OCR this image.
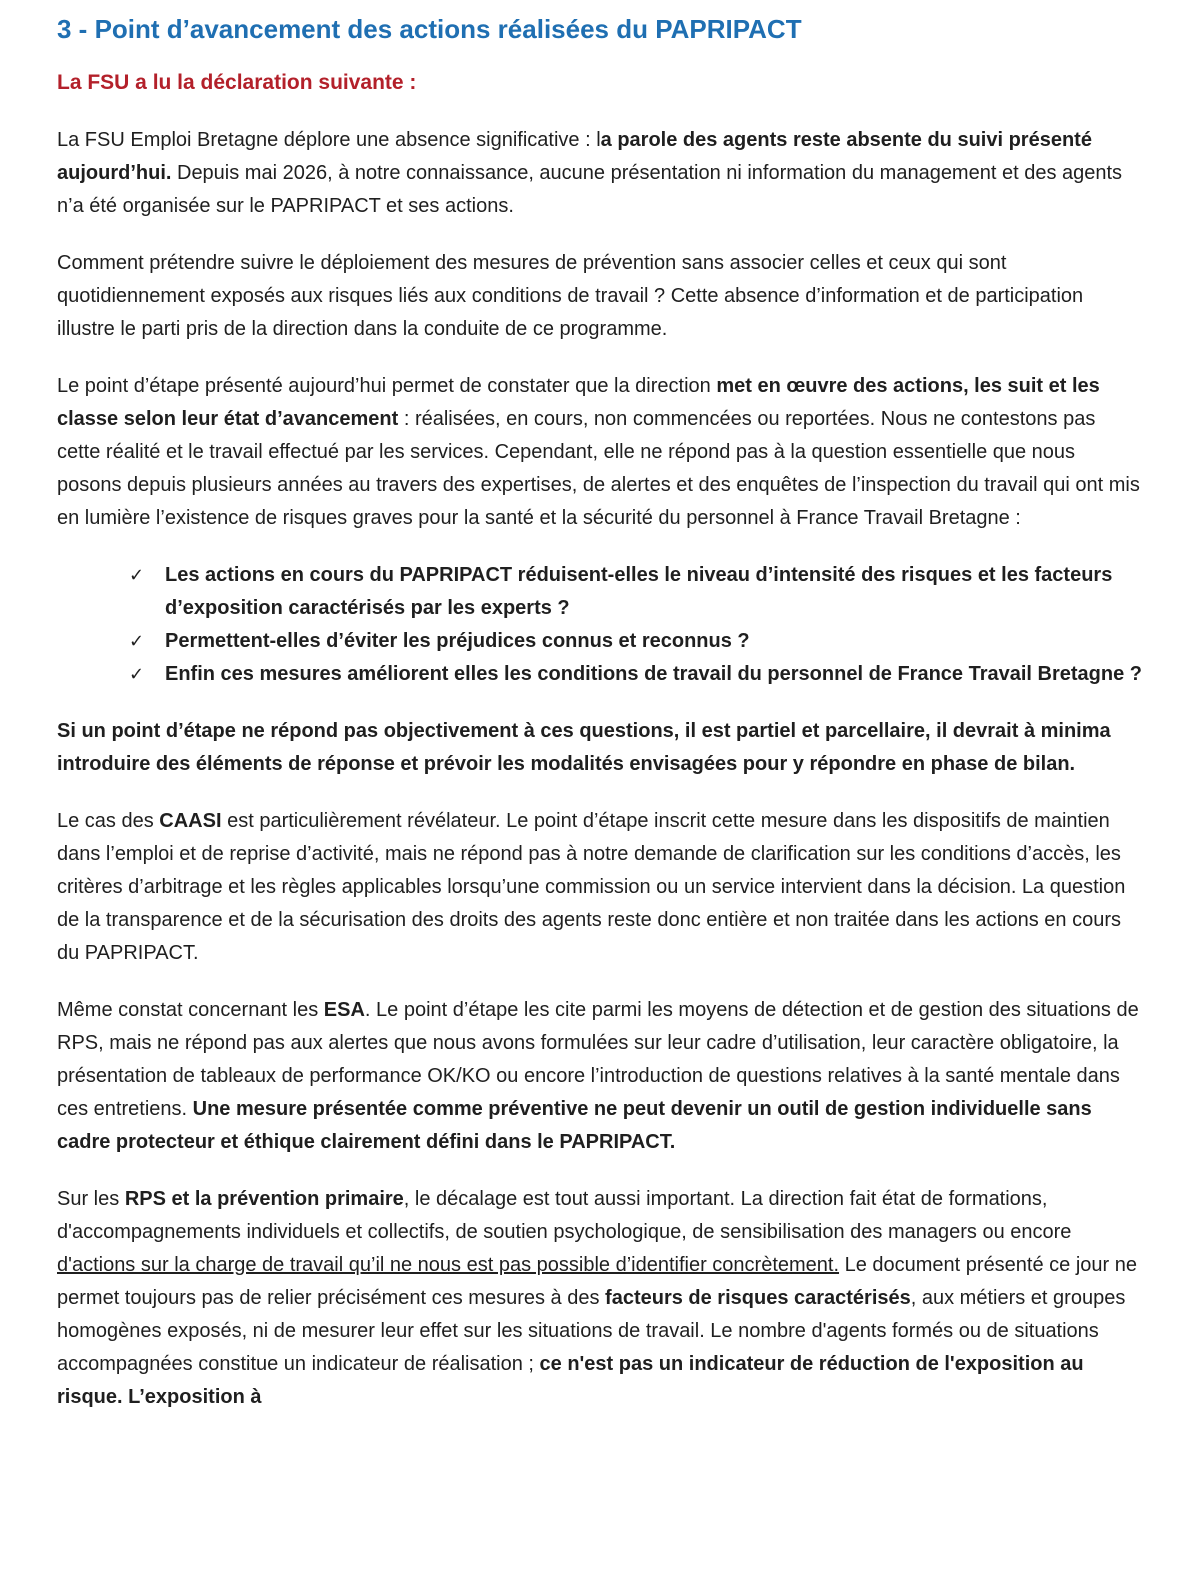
3 - Point d’avancement des actions réalisées du PAPRIPACT
La FSU a lu la déclaration suivante :

La FSU Emploi Bretagne déplore une absence significative : la parole des agents reste absente du suivi présenté aujourd’hui. Depuis mai 2026, à notre connaissance, aucune présentation ni information du management et des agents n’a été organisée sur le PAPRIPACT et ses actions.

Comment prétendre suivre le déploiement des mesures de prévention sans associer celles et ceux qui sont quotidiennement exposés aux risques liés aux conditions de travail ? Cette absence d’information et de participation illustre le parti pris de la direction dans la conduite de ce programme.

Le point d’étape présenté aujourd’hui permet de constater que la direction met en œuvre des actions, les suit et les classe selon leur état d’avancement : réalisées, en cours, non commencées ou reportées. Nous ne contestons pas cette réalité et le travail effectué par les services. Cependant, elle ne répond pas à la question essentielle que nous posons depuis plusieurs années au travers des expertises, de alertes et des enquêtes de l’inspection du travail qui ont mis en lumière l’existence de risques graves pour la santé et la sécurité du personnel à France Travail Bretagne :

✓ Les actions en cours du PAPRIPACT réduisent-elles le niveau d’intensité des risques et les facteurs d’exposition caractérisés par les experts ?
✓ Permettent-elles d’éviter les préjudices connus et reconnus ?
✓ Enfin ces mesures améliorent elles les conditions de travail du personnel de France Travail Bretagne ?

Si un point d’étape ne répond pas objectivement à ces questions, il est partiel et parcellaire, il devrait à minima introduire des éléments de réponse et prévoir les modalités envisagées pour y répondre en phase de bilan.

Le cas des CAASI est particulièrement révélateur. Le point d’étape inscrit cette mesure dans les dispositifs de maintien dans l’emploi et de reprise d’activité, mais ne répond pas à notre demande de clarification sur les conditions d’accès, les critères d’arbitrage et les règles applicables lorsqu’une commission ou un service intervient dans la décision. La question de la transparence et de la sécurisation des droits des agents reste donc entière et non traitée dans les actions en cours du PAPRIPACT.

Même constat concernant les ESA. Le point d’étape les cite parmi les moyens de détection et de gestion des situations de RPS, mais ne répond pas aux alertes que nous avons formulées sur leur cadre d’utilisation, leur caractère obligatoire, la présentation de tableaux de performance OK/KO ou encore l’introduction de questions relatives à la santé mentale dans ces entretiens. Une mesure présentée comme préventive ne peut devenir un outil de gestion individuelle sans cadre protecteur et éthique clairement défini dans le PAPRIPACT.

Sur les RPS et la prévention primaire, le décalage est tout aussi important. La direction fait état de formations, d'accompagnements individuels et collectifs, de soutien psychologique, de sensibilisation des managers ou encore d'actions sur la charge de travail qu’il ne nous est pas possible d’identifier concrètement. Le document présenté ce jour ne permet toujours pas de relier précisément ces mesures à des facteurs de risques caractérisés, aux métiers et groupes homogènes exposés, ni de mesurer leur effet sur les situations de travail. Le nombre d'agents formés ou de situations accompagnées constitue un indicateur de réalisation ; ce n'est pas un indicateur de réduction de l'exposition au risque. L’exposition à
